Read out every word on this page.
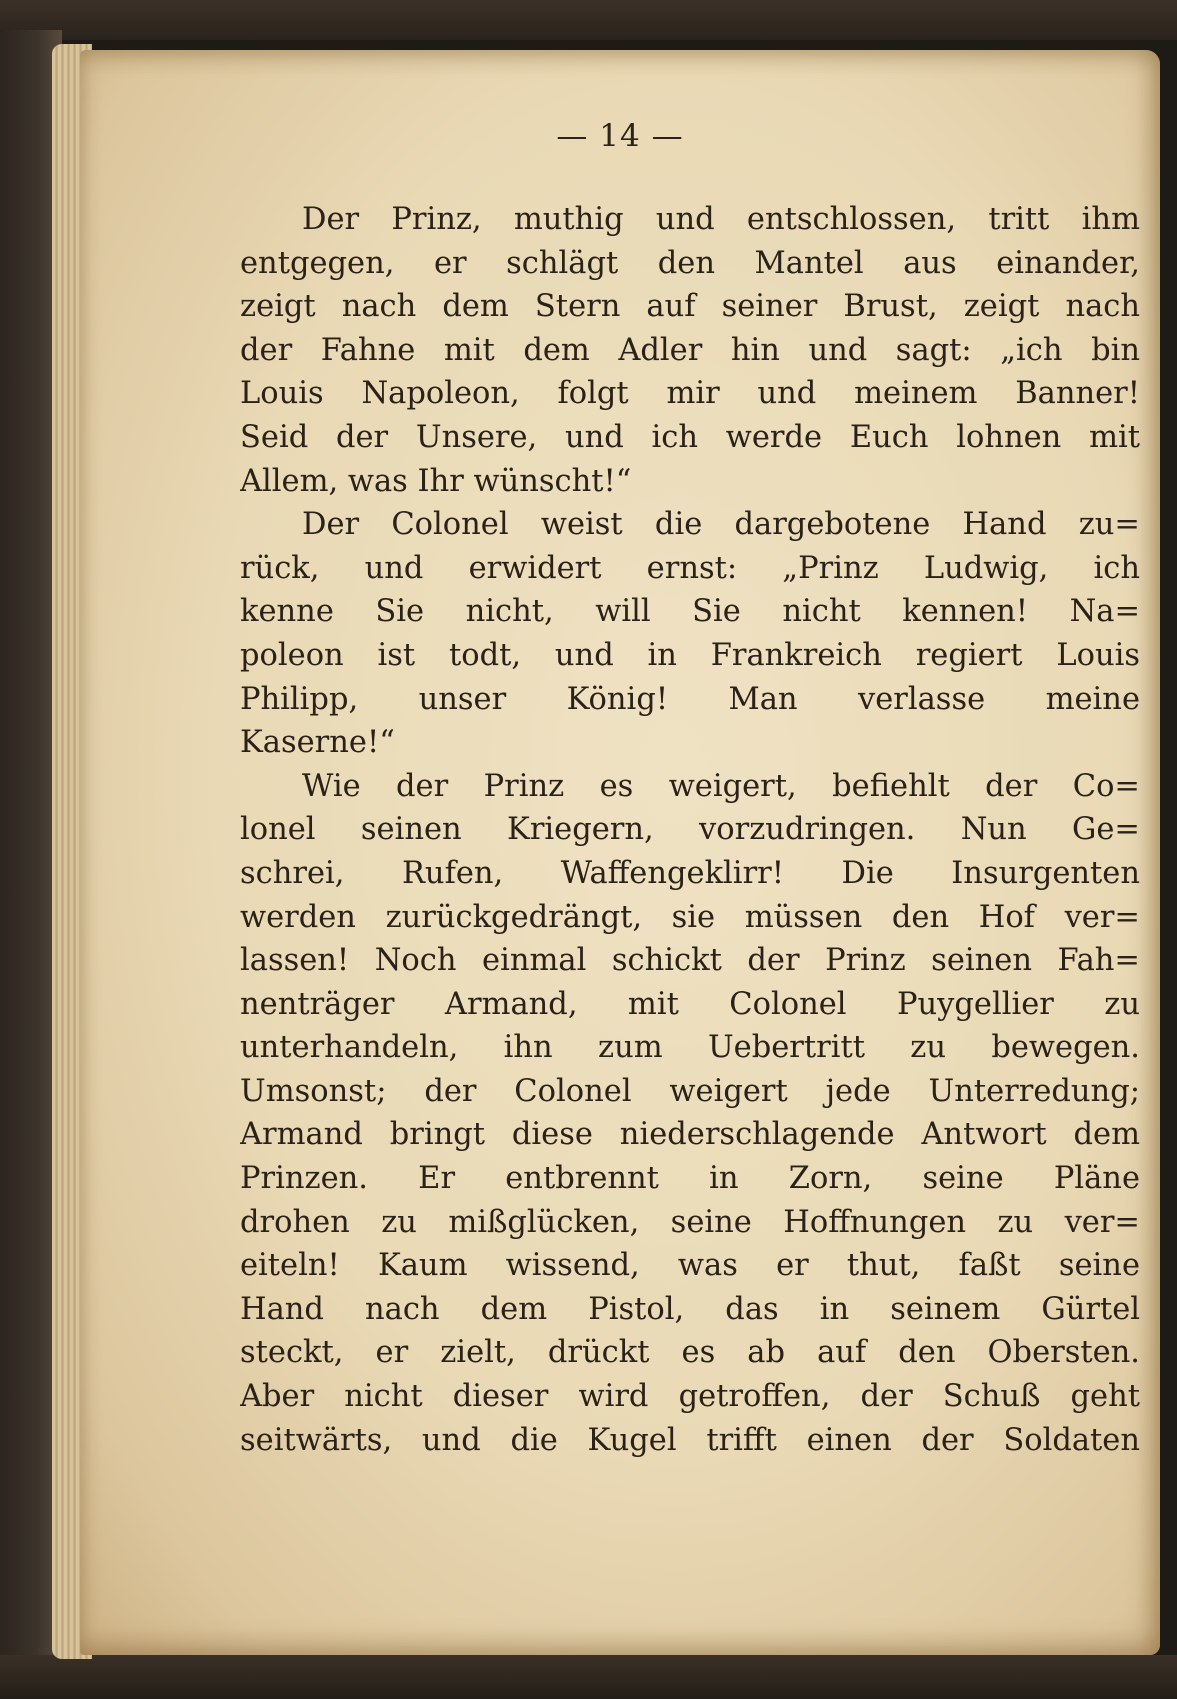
— 14 —
Der Prinz, muthig und entschlossen, tritt ihm
entgegen, er schlägt den Mantel aus einander,
zeigt nach dem Stern auf seiner Brust, zeigt nach
der Fahne mit dem Adler hin und sagt: „ich bin
Louis Napoleon, folgt mir und meinem Banner!
Seid der Unsere, und ich werde Euch lohnen mit
Allem, was Ihr wünscht!“
Der Colonel weist die dargebotene Hand zu=
rück, und erwidert ernst: „Prinz Ludwig, ich
kenne Sie nicht, will Sie nicht kennen! Na=
poleon ist todt, und in Frankreich regiert Louis
Philipp, unser König! Man verlasse meine
Kaserne!“
Wie der Prinz es weigert, befiehlt der Co=
lonel seinen Kriegern, vorzudringen. Nun Ge=
schrei, Rufen, Waffengeklirr! Die Insurgenten
werden zurückgedrängt, sie müssen den Hof ver=
lassen! Noch einmal schickt der Prinz seinen Fah=
nenträger Armand, mit Colonel Puygellier zu
unterhandeln, ihn zum Uebertritt zu bewegen.
Umsonst; der Colonel weigert jede Unterredung;
Armand bringt diese niederschlagende Antwort dem
Prinzen. Er entbrennt in Zorn, seine Pläne
drohen zu mißglücken, seine Hoffnungen zu ver=
eiteln! Kaum wissend, was er thut, faßt seine
Hand nach dem Pistol, das in seinem Gürtel
steckt, er zielt, drückt es ab auf den Obersten.
Aber nicht dieser wird getroffen, der Schuß geht
seitwärts, und die Kugel trifft einen der Soldaten
